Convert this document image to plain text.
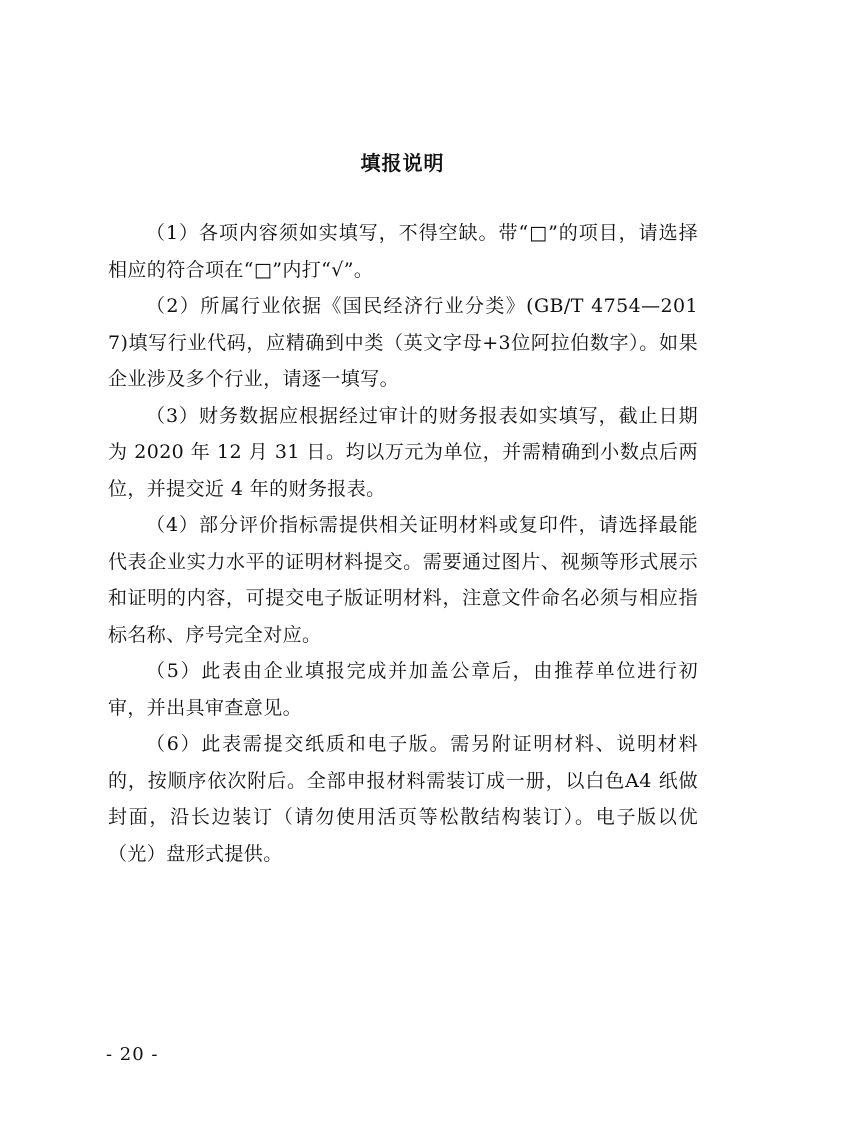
填报说明

（1）各项内容须如实填写，不得空缺。带“□”的项目，请选择相应的符合项在“□”内打“√”。

（2）所属行业依据《国民经济行业分类》(GB/T 4754—2017)填写行业代码，应精确到中类（英文字母+3位阿拉伯数字）。如果企业涉及多个行业，请逐一填写。

（3）财务数据应根据经过审计的财务报表如实填写，截止日期为 2020 年 12 月 31 日。均以万元为单位，并需精确到小数点后两位，并提交近 4 年的财务报表。

（4）部分评价指标需提供相关证明材料或复印件，请选择最能代表企业实力水平的证明材料提交。需要通过图片、视频等形式展示和证明的内容，可提交电子版证明材料，注意文件命名必须与相应指标名称、序号完全对应。

（5）此表由企业填报完成并加盖公章后，由推荐单位进行初审，并出具审查意见。

（6）此表需提交纸质和电子版。需另附证明材料、说明材料的，按顺序依次附后。全部申报材料需装订成一册，以白色A4 纸做封面，沿长边装订（请勿使用活页等松散结构装订）。电子版以优（光）盘形式提供。

- 20 -
